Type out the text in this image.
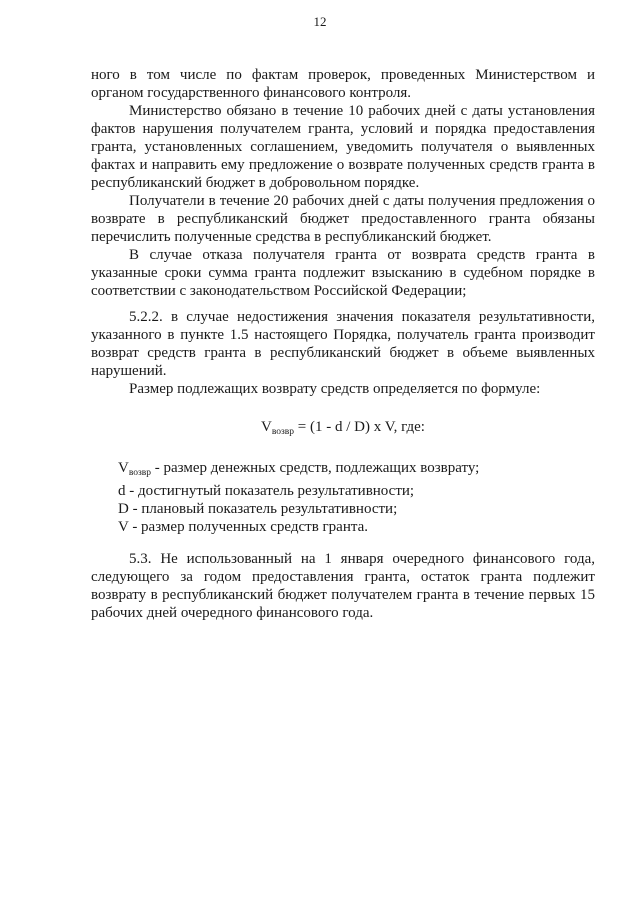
12

ного в том числе по фактам проверок, проведенных Министерством и органом государственного финансового контроля.

Министерство обязано в течение 10 рабочих дней с даты установления фактов нарушения получателем гранта, условий и порядка предоставления гранта, установленных соглашением, уведомить получателя о выявленных фактах и направить ему предложение о возврате полученных средств гранта в республиканский бюджет в добровольном порядке.

Получатели в течение 20 рабочих дней с даты получения предложения о возврате в республиканский бюджет предоставленного гранта обязаны перечислить полученные средства в республиканский бюджет.

В случае отказа получателя гранта от возврата средств гранта в указанные сроки сумма гранта подлежит взысканию в судебном порядке в соответствии с законодательством Российской Федерации;

5.2.2. в случае недостижения значения показателя результативности, указанного в пункте 1.5 настоящего Порядка, получатель гранта производит возврат средств гранта в республиканский бюджет в объеме выявленных нарушений.

Размер подлежащих возврату средств определяется по формуле:

$V_{возвр} = (1 - d / D)$ x V, где:
$V_{возвр}$ - размер денежных средств, подлежащих возврату;
d - достигнутый показатель результативности;
D - плановый показатель результативности;
V - размер полученных средств гранта.

5.3. Не использованный на 1 января очередного финансового года, следующего за годом предоставления гранта, остаток гранта подлежит возврату в республиканский бюджет получателем гранта в течение первых 15 рабочих дней очередного финансового года.
